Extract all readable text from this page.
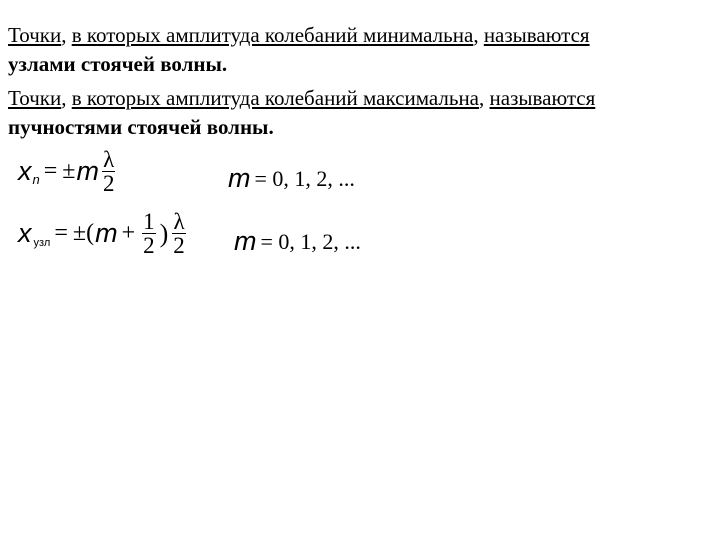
Точки, в которых амплитуда колебаний минимальна, называются
узлами стоячей волны.
Точки, в которых амплитуда колебаний максимальна, называются
пучностями стоячей волны.
x n = ± m $\frac{\lambda}{2}$	m = 0, 1, 2, ...
x узл = ±( $m + \frac{1}{2}$ ) $\frac{\lambda}{2}$ m = 0, 1, 2, ...
